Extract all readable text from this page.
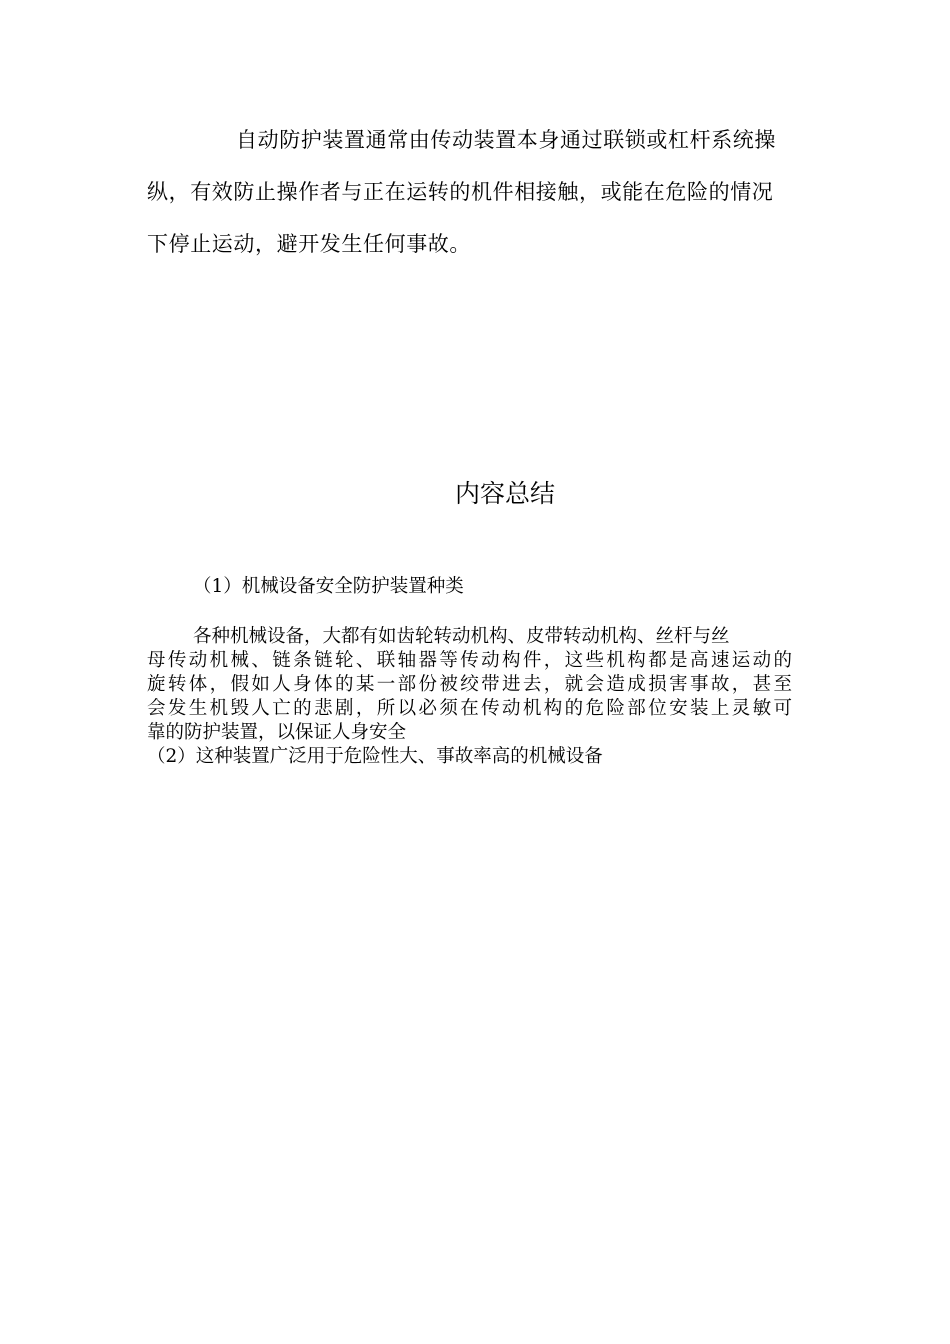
自动防护装置通常由传动装置本身通过联锁或杠杆系统操

纵，有效防止操作者与正在运转的机件相接触，或能在危险的情况

下停止运动，避开发生任何事故。

内容总结

（1）机械设备安全防护装置种类

各种机械设备，大都有如齿轮转动机构、皮带转动机构、丝杆与丝

母传动机械、链条链轮、联轴器等传动构件，这些机构都是高速运动的

旋转体，假如人身体的某一部份被绞带进去，就会造成损害事故，甚至

会发生机毁人亡的悲剧，所以必须在传动机构的危险部位安装上灵敏可

靠的防护装置，以保证人身安全

（2）这种装置广泛用于危险性大、事故率高的机械设备
